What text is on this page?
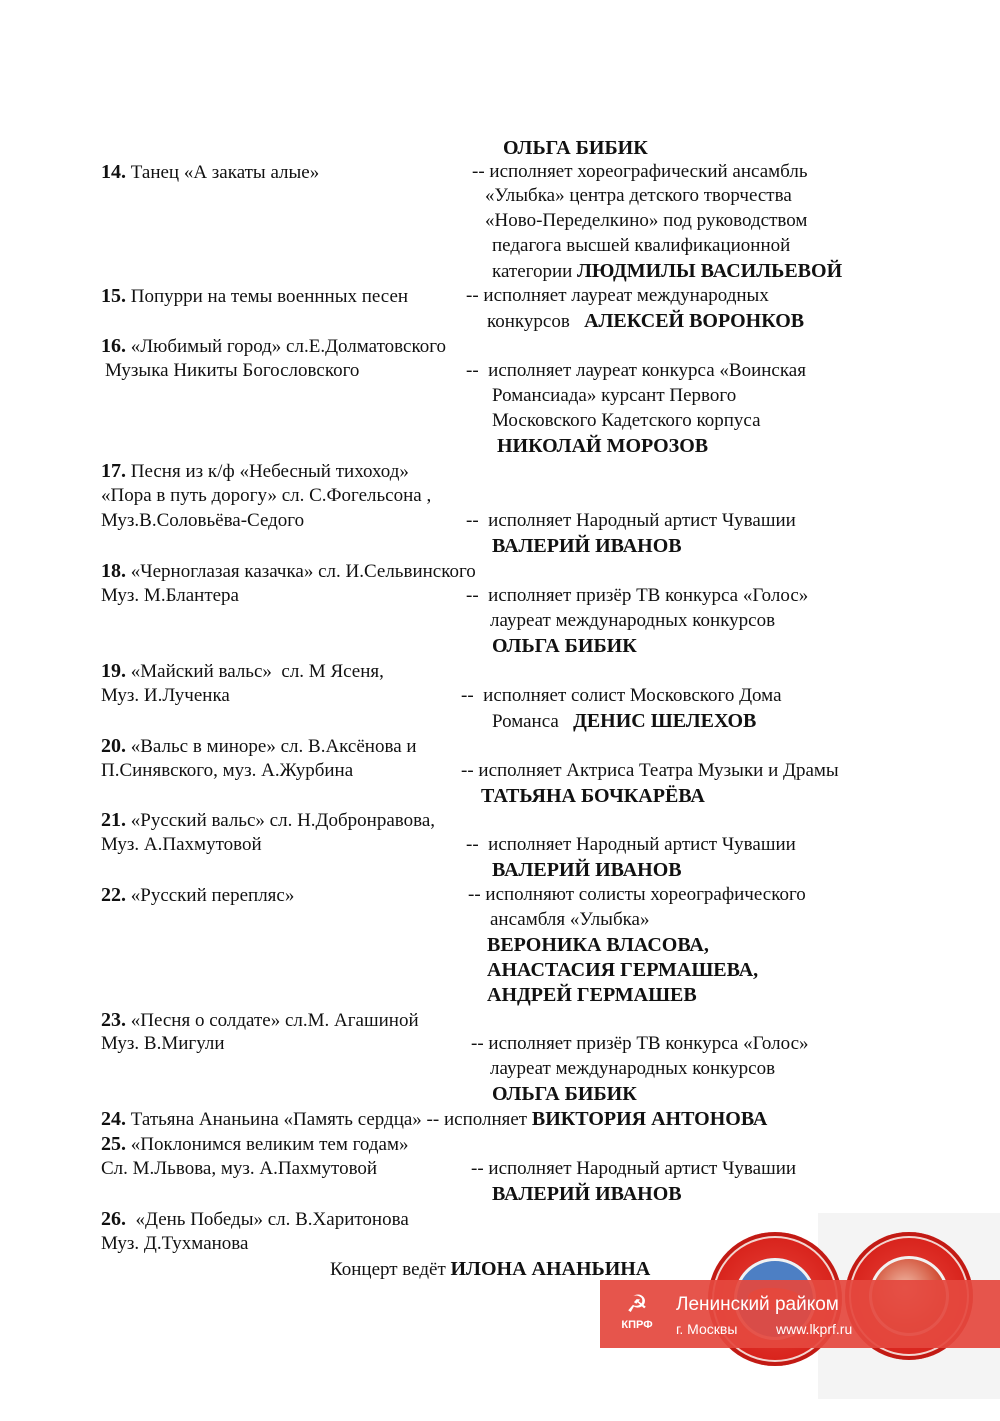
ОЛЬГА БИБИК
14. Танец «А закаты алые»	-- исполняет хореографический ансамбль
«Улыбка» центра детского творчества
«Ново-Переделкино» под руководством
педагога высшей квалификационной
категории ЛЮДМИЛЫ ВАСИЛЬЕВОЙ
15. Попурри на темы военнных песен	-- исполняет лауреат международных
конкурсов   АЛЕКСЕЙ ВОРОНКОВ
16. «Любимый город» сл.Е.Долматовского
Музыка Никиты Богословского	--  исполняет лауреат конкурса «Воинская
Романсиада» курсант Первого
Московского Кадетского корпуса
НИКОЛАЙ МОРОЗОВ
17. Песня из к/ф «Небесный тихоход»
«Пора в путь дорогу» сл. С.Фогельсона ,
Муз.В.Соловьёва-Седого	--  исполняет Народный артист Чувашии
ВАЛЕРИЙ ИВАНОВ
18. «Черноглазая казачка» сл. И.Сельвинского
Муз. М.Блантера	--  исполняет призёр ТВ конкурса «Голос»
лауреат международных конкурсов
ОЛЬГА БИБИК
19. «Майский вальс»  сл. М Ясеня,
Муз. И.Лученка	--  исполняет солист Московского Дома
Романса   ДЕНИС ШЕЛЕХОВ
20. «Вальс в миноре» сл. В.Аксёнова и
П.Синявского, муз. А.Журбина	-- исполняет Актриса Театра Музыки и Драмы
ТАТЬЯНА БОЧКАРЁВА
21. «Русский вальс» сл. Н.Добронравова,
Муз. А.Пахмутовой	--  исполняет Народный артист Чувашии
ВАЛЕРИЙ ИВАНОВ
22. «Русский перепляс»	-- исполняют солисты хореографического
ансамбля «Улыбка»
ВЕРОНИКА ВЛАСОВА,
АНАСТАСИЯ ГЕРМАШЕВА,
АНДРЕЙ ГЕРМАШЕВ
23. «Песня о солдате» сл.М. Агашиной
Муз. В.Мигули	-- исполняет призёр ТВ конкурса «Голос»
лауреат международных конкурсов
ОЛЬГА БИБИК
24. Татьяна Ананьина «Память сердца» -- исполняет ВИКТОРИЯ АНТОНОВА
25. «Поклонимся великим тем годам»
Сл. М.Львова, муз. А.Пахмутовой	-- исполняет Народный артист Чувашии
ВАЛЕРИЙ ИВАНОВ
26.  «День Победы» сл. В.Харитонова
Муз. Д.Тухманова
Концерт ведёт ИЛОНА АНАНЬИНА
☭
КПРФ
Ленинский райком
г. Москвы	www.lkprf.ru
